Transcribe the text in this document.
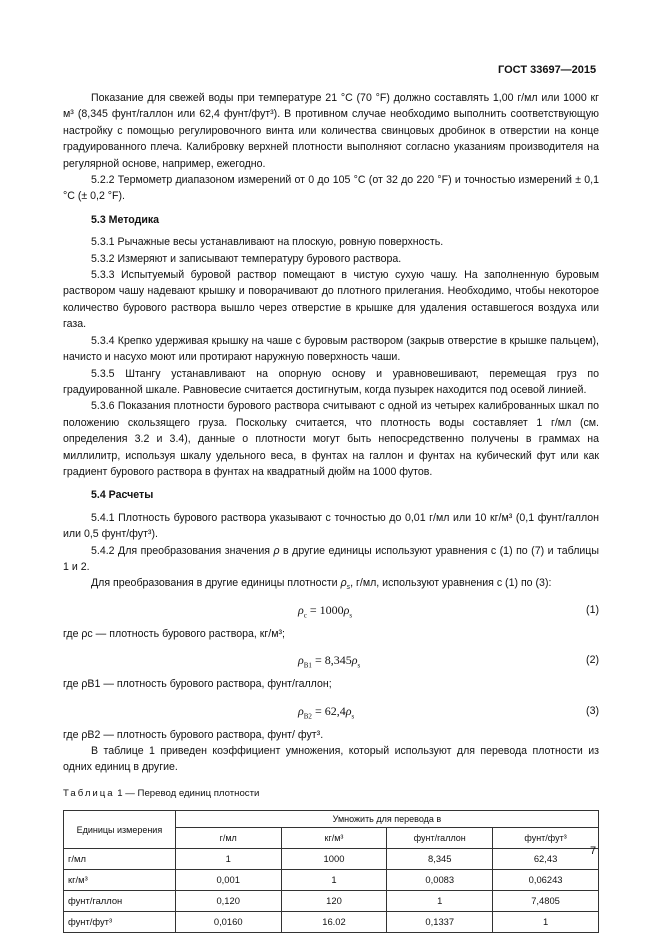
ГОСТ 33697—2015

Показание для свежей воды при температуре 21 °С (70 °F) должно составлять 1,00 г/мл или 1000 кг м³ (8,345 фунт/галлон или 62,4 фунт/фут³). В противном случае необходимо выполнить соответствующую настройку с помощью регулировочного винта или количества свинцовых дробинок в отверстии на конце градуированного плеча. Калибровку верхней плотности выполняют согласно указаниям производителя на регулярной основе, например, ежегодно.

5.2.2 Термометр диапазоном измерений от 0 до 105 °С (от 32 до 220 °F) и точностью измерений ± 0,1 °С (± 0,2 °F).

5.3 Методика

5.3.1 Рычажные весы устанавливают на плоскую, ровную поверхность.

5.3.2 Измеряют и записывают температуру бурового раствора.

5.3.3 Испытуемый буровой раствор помещают в чистую сухую чашу. На заполненную буровым раствором чашу надевают крышку и поворачивают до плотного прилегания. Необходимо, чтобы некоторое количество бурового раствора вышло через отверстие в крышке для удаления оставшегося воздуха или газа.

5.3.4 Крепко удерживая крышку на чаше с буровым раствором (закрыв отверстие в крышке пальцем), начисто и насухо моют или протирают наружную поверхность чаши.

5.3.5 Штангу устанавливают на опорную основу и уравновешивают, перемещая груз по градуированной шкале. Равновесие считается достигнутым, когда пузырек находится под осевой линией.

5.3.6 Показания плотности бурового раствора считывают с одной из четырех калиброванных шкал по положению скользящего груза. Поскольку считается, что плотность воды составляет 1 г/мл (см. определения 3.2 и 3.4), данные о плотности могут быть непосредственно получены в граммах на миллилитр, используя шкалу удельного веса, в фунтах на галлон и фунтах на кубический фут или как градиент бурового раствора в фунтах на квадратный дюйм на 1000 футов.

5.4 Расчеты

5.4.1 Плотность бурового раствора указывают с точностью до 0,01 г/мл или 10 кг/м³ (0,1 фунт/галлон или 0,5 фунт/фут³).

5.4.2 Для преобразования значения ρ в другие единицы используют уравнения с (1) по (7) и таблицы 1 и 2.

Для преобразования в другие единицы плотности $\rho_s$, г/мл, используют уравнения с (1) по (3):

$\rho_с = 1000\rho_s$	(1)

где ρс — плотность бурового раствора, кг/м³;

$\rho_{B1} = 8,345\rho_s$	(2)

где ρB1 — плотность бурового раствора, фунт/галлон;

$\rho_{B2} = 62,4\rho_s$	(3)

где ρB2 — плотность бурового раствора, фунт/ фут³.

В таблице 1 приведен коэффициент умножения, который используют для перевода плотности из одних единиц в другие.

Таблица 1 — Перевод единиц плотности

Единицы измерения	Умножить для перевода в			
	г/мл	кг/м³	фунт/галлон	фунт/фут³
г/мл	1	1000	8,345	62,43
кг/м³	0,001	1	0,0083	0,06243
фунт/галлон	0,120	120	1	7,4805
фунт/фут³	0,0160	16.02	0,1337	1
7
